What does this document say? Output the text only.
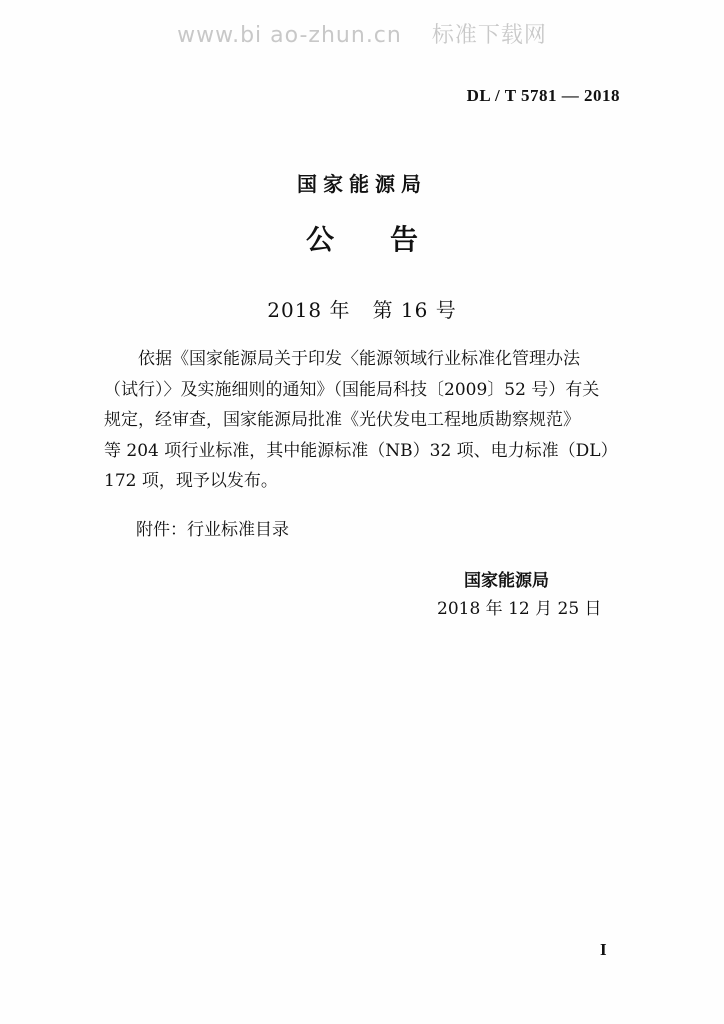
www.bi ao-zhun.cn 标准下载网
DL / T 5781 — 2018
国家能源局
公告
2018 年   第 16 号
依据《国家能源局关于印发〈能源领域行业标准化管理办法
（试行）〉及实施细则的通知》（国能局科技〔2009〕52 号）有关
规定，经审查，国家能源局批准《光伏发电工程地质勘察规范》
等 204 项行业标准，其中能源标准（NB）32 项、电力标准（DL）
172 项，现予以发布。
附件：行业标准目录
国家能源局
2018 年 12 月 25 日
I
